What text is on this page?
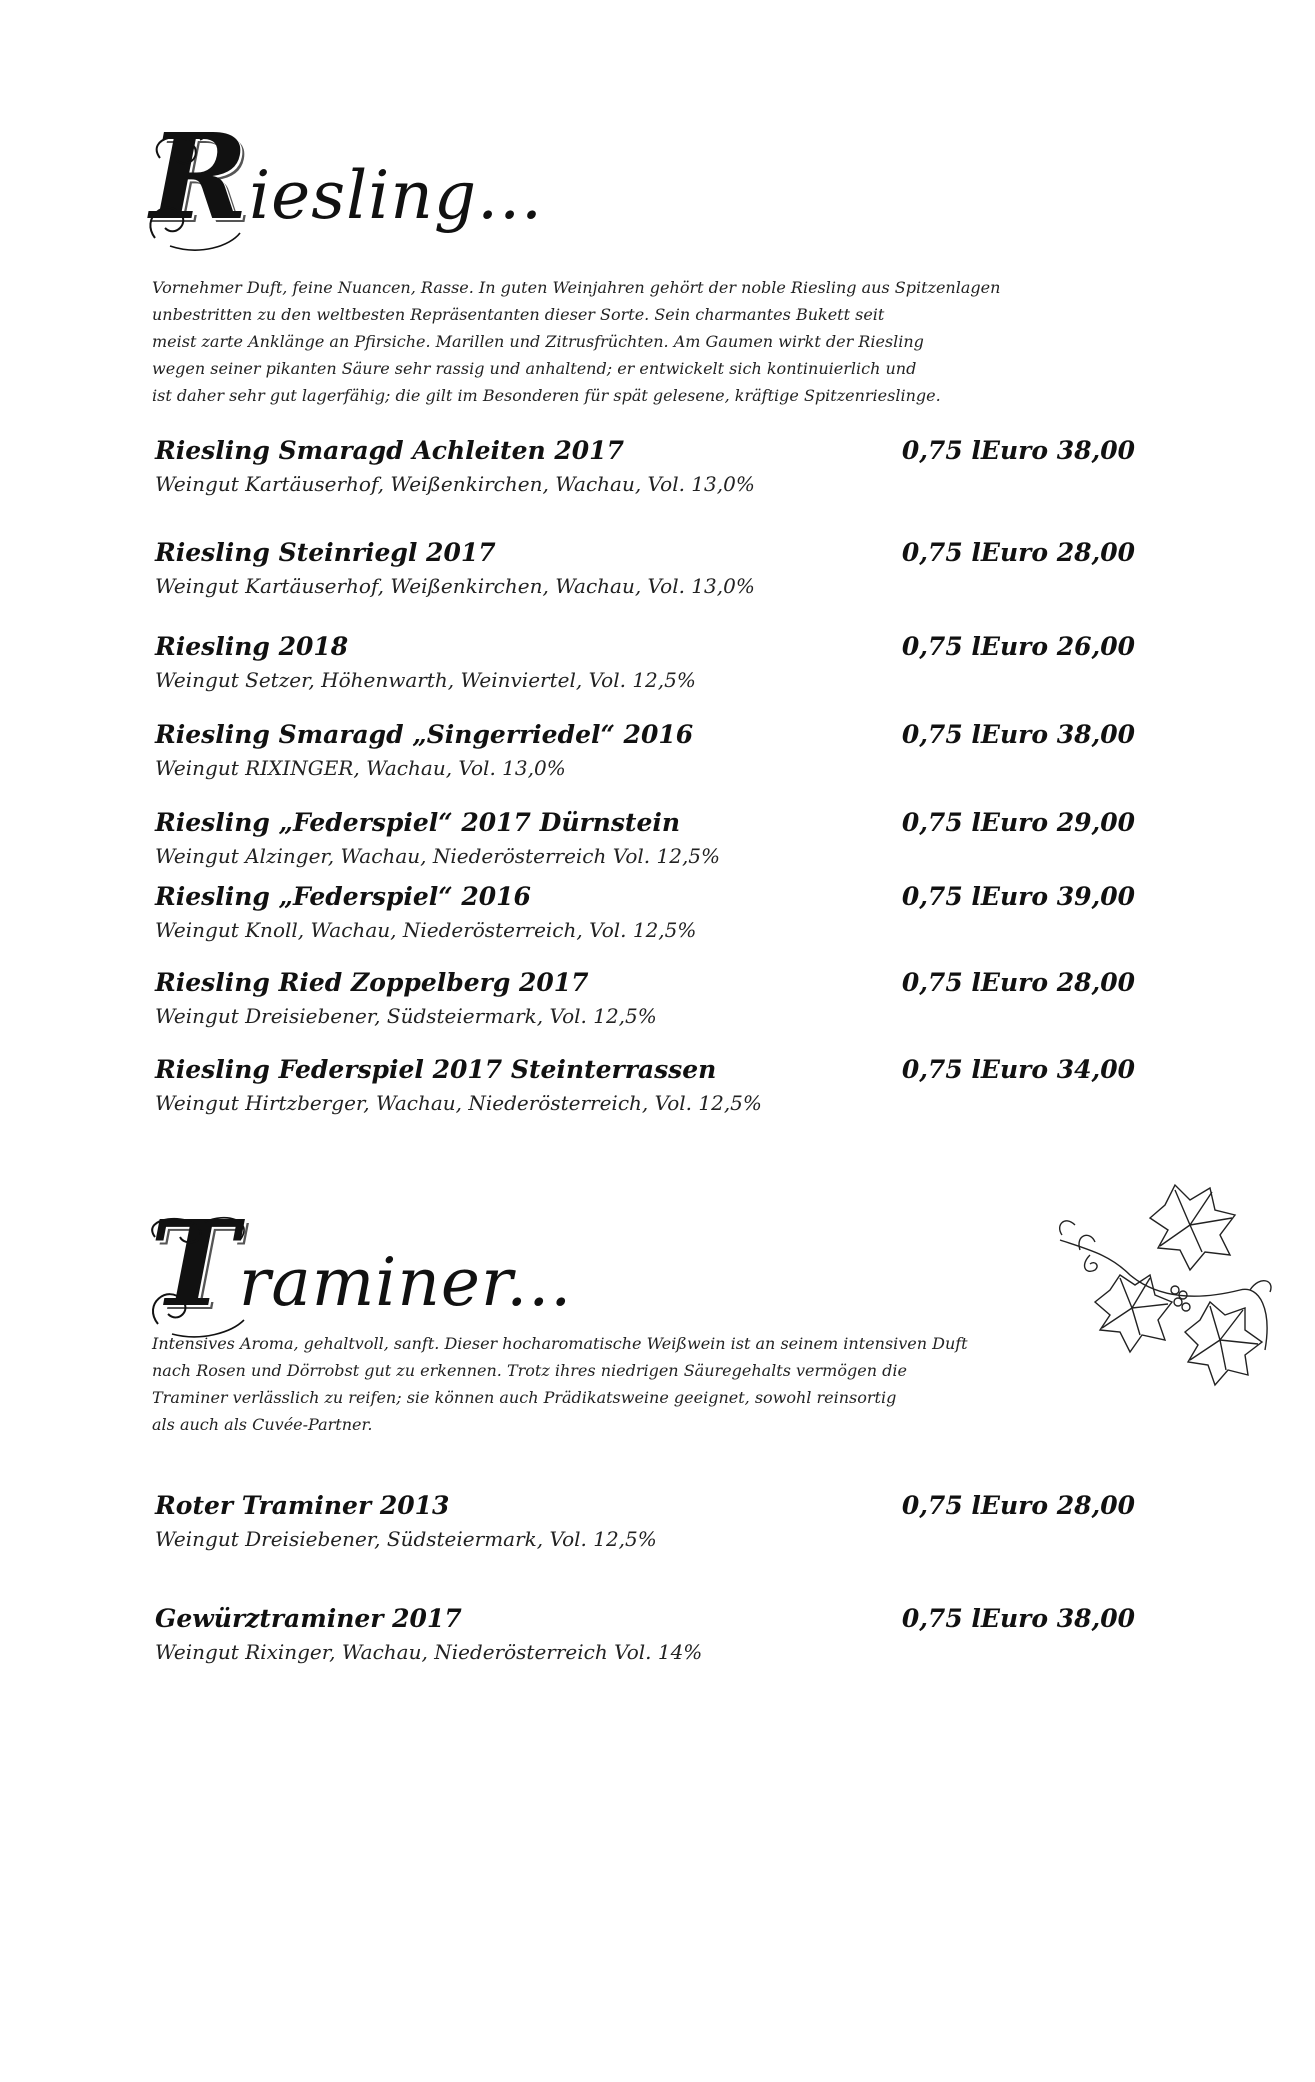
Riesling...

Vornehmer Duft, feine Nuancen, Rasse. In guten Weinjahren gehört der noble Riesling aus Spitzenlagen

unbestritten zu den weltbesten Repräsentanten dieser Sorte. Sein charmantes Bukett seit

meist zarte Anklänge an Pfirsiche. Marillen und Zitrusfrüchten. Am Gaumen wirkt der Riesling

wegen seiner pikanten Säure sehr rassig und anhaltend; er entwickelt sich kontinuierlich und

ist daher sehr gut lagerfähig; die gilt im Besonderen für spät gelesene, kräftige Spitzenrieslinge.

Riesling Smaragd Achleiten 2017	0,75 l Euro 38,00
Weingut Kartäuserhof, Weißenkirchen, Wachau, Vol. 13,0%
Riesling Steinriegl 2017	0,75 l Euro 28,00
Weingut Kartäuserhof, Weißenkirchen, Wachau, Vol. 13,0%
Riesling 2018	0,75 l Euro 26,00
Weingut Setzer, Höhenwarth, Weinviertel, Vol. 12,5%
Riesling Smaragd „Singerriedel“ 2016	0,75 l Euro 38,00
Weingut RIXINGER, Wachau, Vol. 13,0%
Riesling „Federspiel“ 2017 Dürnstein	0,75 l Euro 29,00
Weingut Alzinger, Wachau, Niederösterreich Vol. 12,5%
Riesling „Federspiel“ 2016	0,75 l Euro 39,00
Weingut Knoll, Wachau, Niederösterreich, Vol. 12,5%
Riesling Ried Zoppelberg 2017	0,75 l Euro 28,00
Weingut Dreisiebener, Südsteiermark, Vol. 12,5%
Riesling Federspiel 2017 Steinterrassen	0,75 l Euro 34,00
Weingut Hirtzberger, Wachau, Niederösterreich, Vol. 12,5%
Traminer...

Intensives Aroma, gehaltvoll, sanft. Dieser hocharomatische Weißwein ist an seinem intensiven Duft

nach Rosen und Dörrobst gut zu erkennen. Trotz ihres niedrigen Säuregehalts vermögen die

Traminer verlässlich zu reifen; sie können auch Prädikatsweine geeignet, sowohl reinsortig

als auch als Cuvée-Partner.

Roter Traminer 2013	0,75 l Euro 28,00
Weingut Dreisiebener, Südsteiermark, Vol. 12,5%
Gewürztraminer 2017	0,75 l Euro 38,00
Weingut Rixinger, Wachau, Niederösterreich Vol. 14%
